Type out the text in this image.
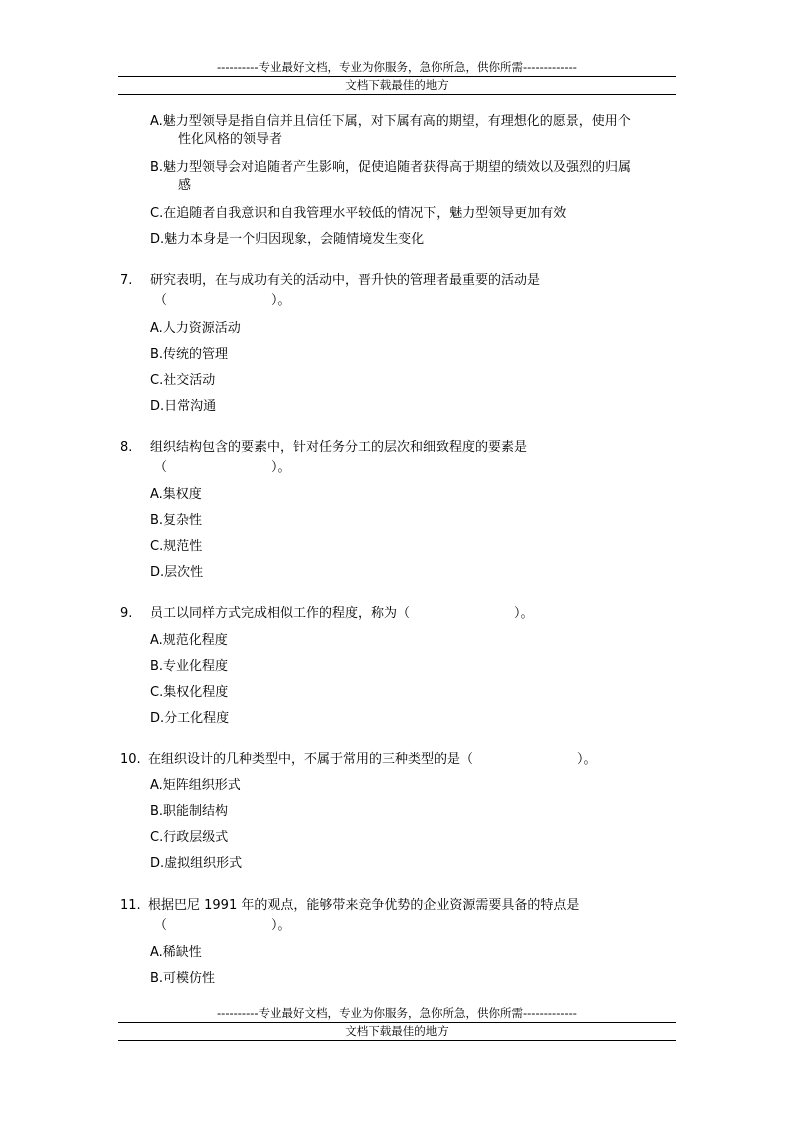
----------专业最好文档，专业为你服务，急你所急，供你所需-------------
文档下载最佳的地方
A.魅力型领导是指自信并且信任下属，对下属有高的期望，有理想化的愿景，使用个
性化风格的领导者
B.魅力型领导会对追随者产生影响，促使追随者获得高于期望的绩效以及强烈的归属
感
C.在追随者自我意识和自我管理水平较低的情况下，魅力型领导更加有效
D.魅力本身是一个归因现象，会随情境发生变化
7.	研究表明，在与成功有关的活动中，晋升快的管理者最重要的活动是
（　　　　　　　　）。
A.人力资源活动
B.传统的管理
C.社交活动
D.日常沟通
8.	组织结构包含的要素中，针对任务分工的层次和细致程度的要素是
（　　　　　　　　）。
A.集权度
B.复杂性
C.规范性
D.层次性
9.	员工以同样方式完成相似工作的程度，称为（　　　　　　　　）。
A.规范化程度
B.专业化程度
C.集权化程度
D.分工化程度
10. 在组织设计的几种类型中，不属于常用的三种类型的是（　　　　　　　　）。
A.矩阵组织形式
B.职能制结构
C.行政层级式
D.虚拟组织形式
11. 根据巴尼 1991 年的观点，能够带来竞争优势的企业资源需要具备的特点是
（　　　　　　　　）。
A.稀缺性
B.可模仿性
----------专业最好文档，专业为你服务，急你所急，供你所需-------------
文档下载最佳的地方
